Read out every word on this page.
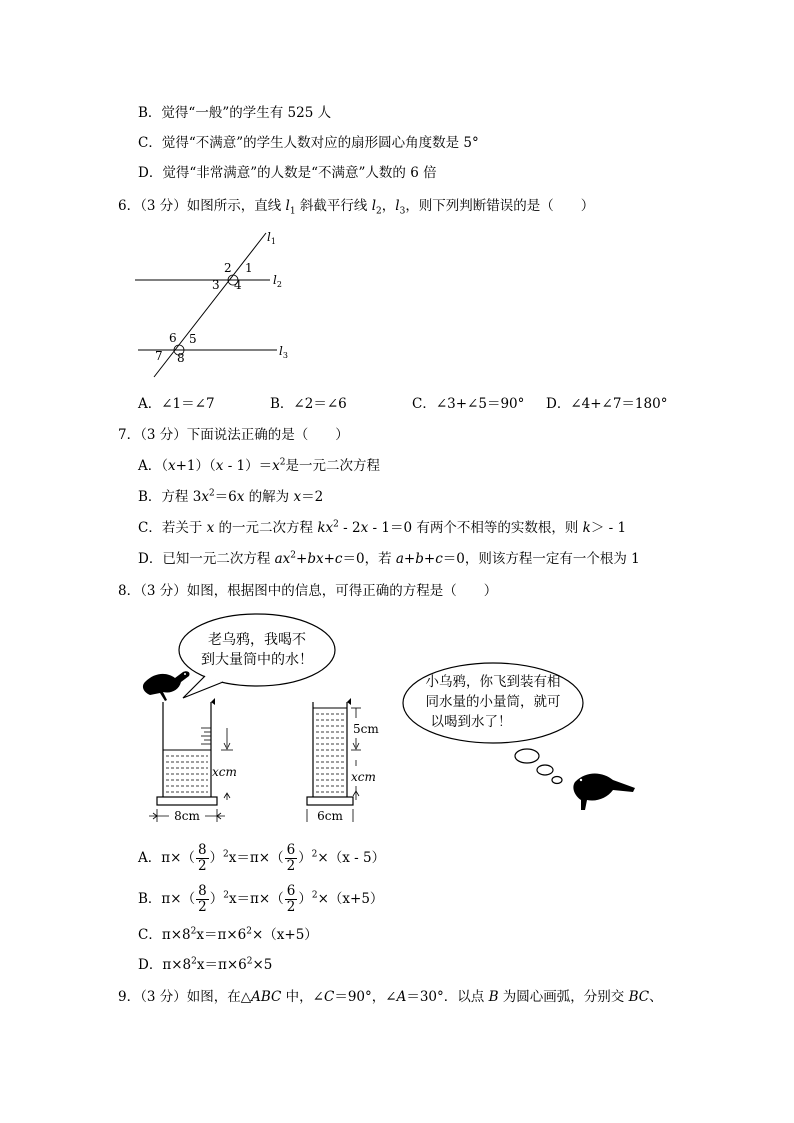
B．觉得“一般”的学生有 525 人
C．觉得“不满意”的学生人数对应的扇形圆心角度数是 5°
D．觉得“非常满意”的人数是“不满意”人数的 6 倍
6．（3 分）如图所示，直线 $l_1$ 斜截平行线 $l_2$，$l_3$，则下列判断错误的是（　　）
$l_1$
$l_2$
$l_3$
2 1
3 4
6 5
7 8
A．∠1＝∠7	B．∠2＝∠6	C．∠3+∠5＝90° D．∠4+∠7＝180°
7．（3 分）下面说法正确的是（　　）
A．$(x+1)(x - 1)=x^2$是一元二次方程
B．方程 $3x^2=6x$ 的解为 x＝2
C．若关于 x 的一元二次方程 $kx^2 - 2x - 1=0$ 有两个不相等的实数根，则 k＞ - 1
D．已知一元二次方程 $ax^2+bx+c=0$，若 a+b+c＝0，则该方程一定有一个根为 1
8．（3 分）如图，根据图中的信息，可得正确的方程是（　　）
老乌鸦，我喝不
到大量筒中的水！
小乌鸦，你飞到装有相
同水量的小量筒，就可
以喝到水了！
xcm
8cm
5cm
xcm
6cm
A．$\pi\times( \frac{8}{2} )^2x=\pi\times( \frac{6}{2} )^2\times(x - 5)$
B．$\pi\times( \frac{8}{2} )^2x=\pi\times( \frac{6}{2} )^2\times(x+5)$
C．$\pi\times 8^2x=\pi\times 6^2\times(x+5)$
D．$\pi\times 8^2x=\pi\times 6^2\times 5$
9．（3 分）如图，在△ABC 中，∠C＝90°，∠A＝30°．以点 B 为圆心画弧，分别交 BC、
